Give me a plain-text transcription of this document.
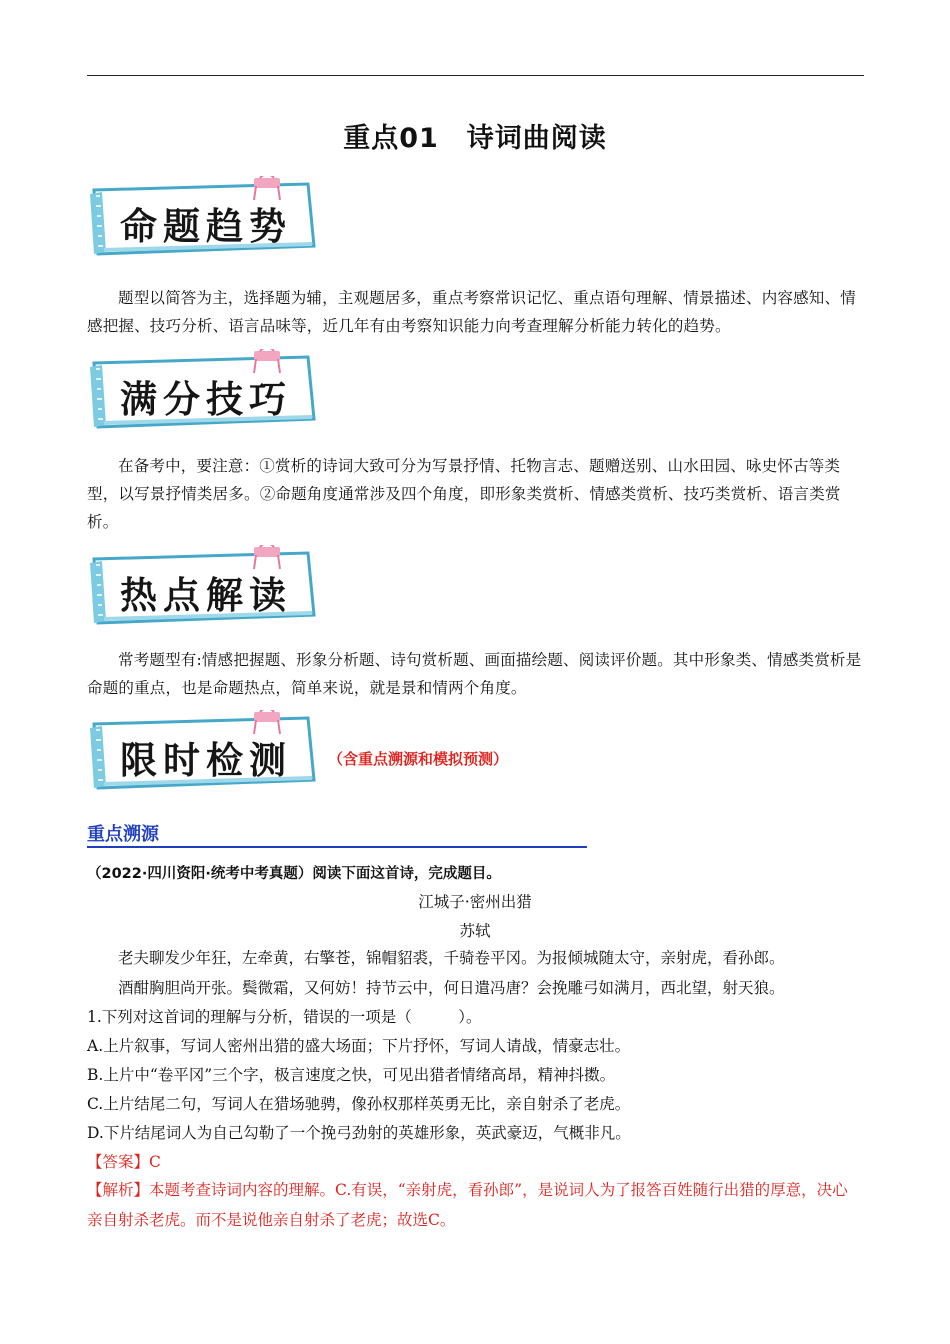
重点01　诗词曲阅读
命题趋势
题型以简答为主，选择题为辅，主观题居多，重点考察常识记忆、重点语句理解、情景描述、内容感知、情感把握、技巧分析、语言品味等，近几年有由考察知识能力向考查理解分析能力转化的趋势。
满分技巧
在备考中，要注意：①赏析的诗词大致可分为写景抒情、托物言志、题赠送别、山水田园、咏史怀古等类型，以写景抒情类居多。②命题角度通常涉及四个角度，即形象类赏析、情感类赏析、技巧类赏析、语言类赏析。
热点解读
常考题型有:情感把握题、形象分析题、诗句赏析题、画面描绘题、阅读评价题。其中形象类、情感类赏析是命题的重点，也是命题热点，简单来说，就是景和情两个角度。
限时检测 （含重点溯源和模拟预测）
重点溯源
（2022·四川资阳·统考中考真题）阅读下面这首诗，完成题目。
江城子·密州出猎
苏轼
老夫聊发少年狂，左牵黄，右擎苍，锦帽貂裘，千骑卷平冈。为报倾城随太守，亲射虎，看孙郎。
酒酣胸胆尚开张。鬓微霜，又何妨！持节云中，何日遣冯唐？会挽雕弓如满月，西北望，射天狼。
1.下列对这首词的理解与分析，错误的一项是（　　　）。
A.上片叙事，写词人密州出猎的盛大场面；下片抒怀，写词人请战，情豪志壮。
B.上片中“卷平冈”三个字，极言速度之快，可见出猎者情绪高昂，精神抖擞。
C.上片结尾二句，写词人在猎场驰骋，像孙权那样英勇无比，亲自射杀了老虎。
D.下片结尾词人为自己勾勒了一个挽弓劲射的英雄形象，英武豪迈，气概非凡。
【答案】C
【解析】本题考查诗词内容的理解。C.有误，“亲射虎，看孙郎”，是说词人为了报答百姓随行出猎的厚意，决心亲自射杀老虎。而不是说他亲自射杀了老虎；故选C。
